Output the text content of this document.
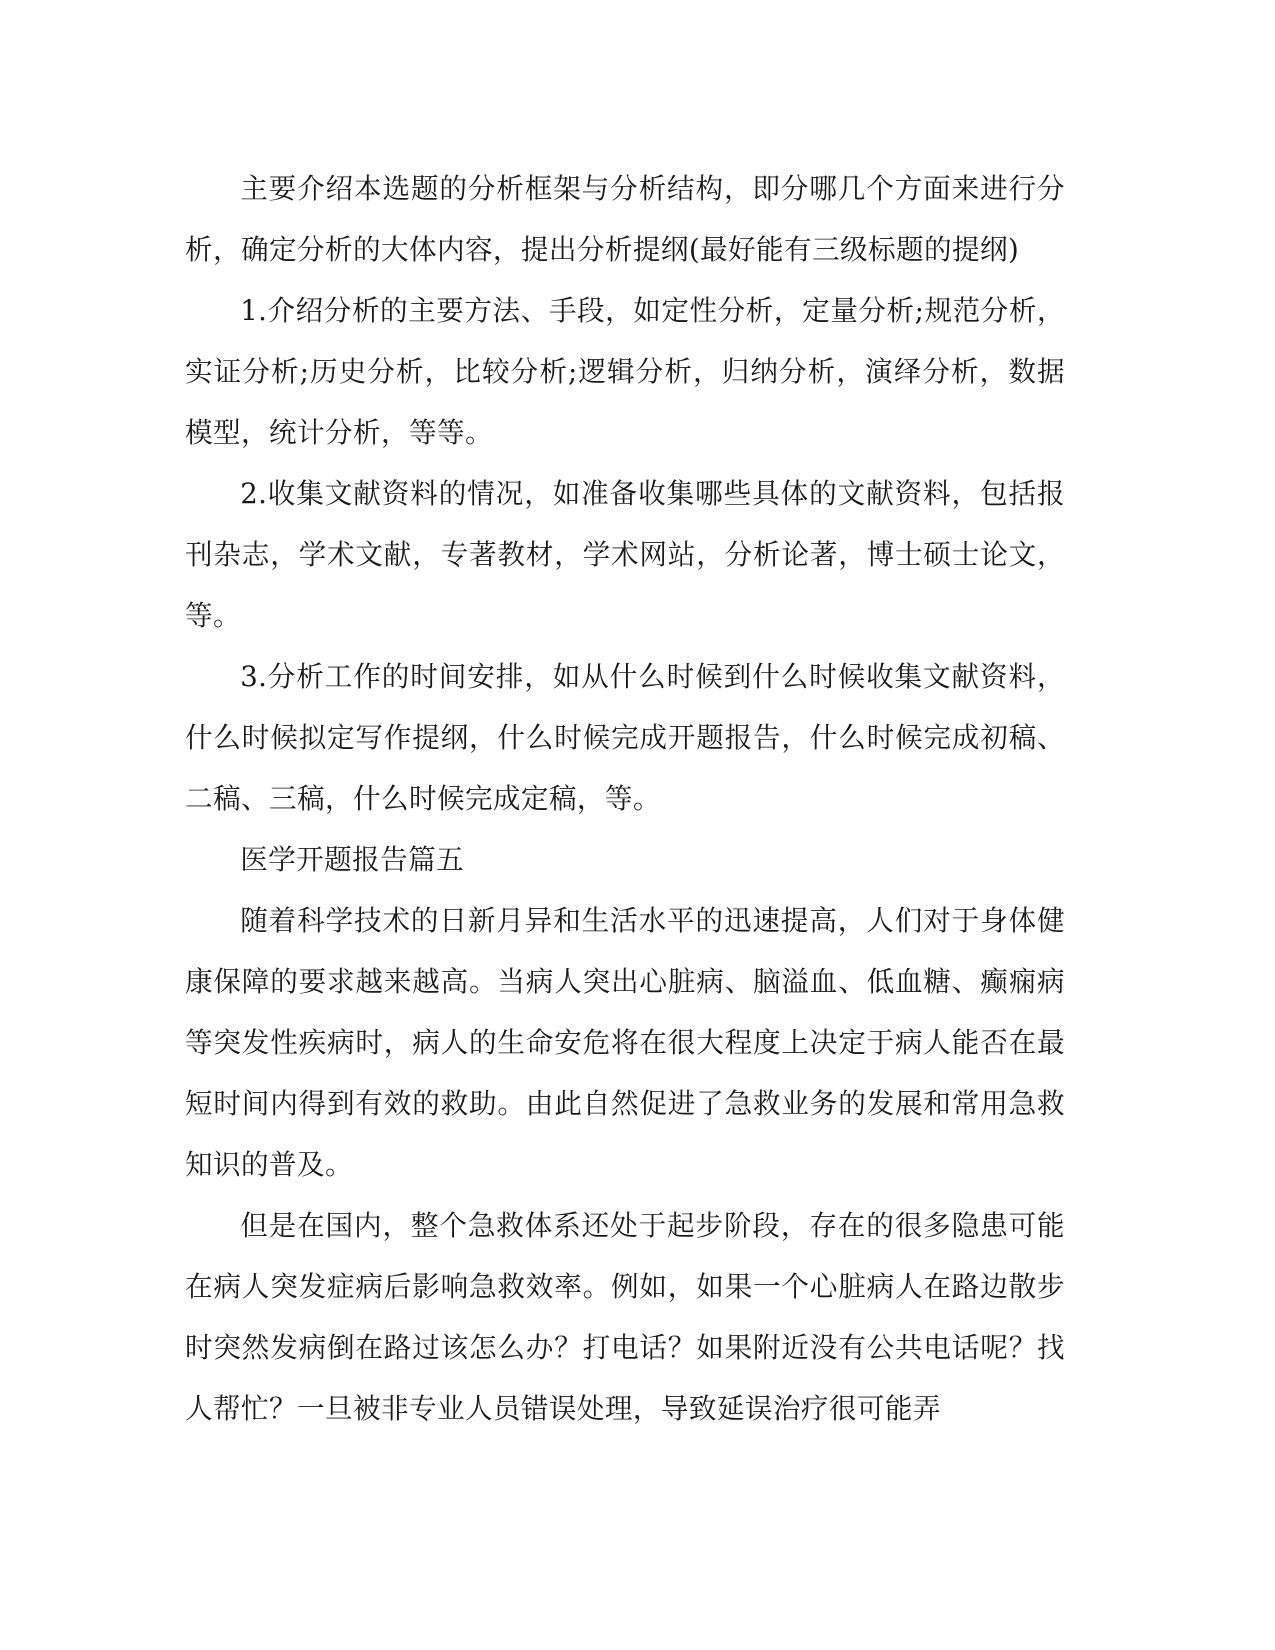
主要介绍本选题的分析框架与分析结构，即分哪几个方面来进行分析，确定分析的大体内容，提出分析提纲(最好能有三级标题的提纲)

1.介绍分析的主要方法、手段，如定性分析，定量分析;规范分析，实证分析;历史分析，比较分析;逻辑分析，归纳分析，演绎分析，数据模型，统计分析，等等。

2.收集文献资料的情况，如准备收集哪些具体的文献资料，包括报刊杂志，学术文献，专著教材，学术网站，分析论著，博士硕士论文，等。

3.分析工作的时间安排，如从什么时候到什么时候收集文献资料，什么时候拟定写作提纲，什么时候完成开题报告，什么时候完成初稿、二稿、三稿，什么时候完成定稿，等。

医学开题报告篇五

随着科学技术的日新月异和生活水平的迅速提高，人们对于身体健康保障的要求越来越高。当病人突出心脏病、脑溢血、低血糖、癫痫病等突发性疾病时，病人的生命安危将在很大程度上决定于病人能否在最短时间内得到有效的救助。由此自然促进了急救业务的发展和常用急救知识的普及。

但是在国内，整个急救体系还处于起步阶段，存在的很多隐患可能在病人突发症病后影响急救效率。例如，如果一个心脏病人在路边散步时突然发病倒在路过该怎么办？打电话？如果附近没有公共电话呢？找人帮忙？一旦被非专业人员错误处理，导致延误治疗很可能弄
